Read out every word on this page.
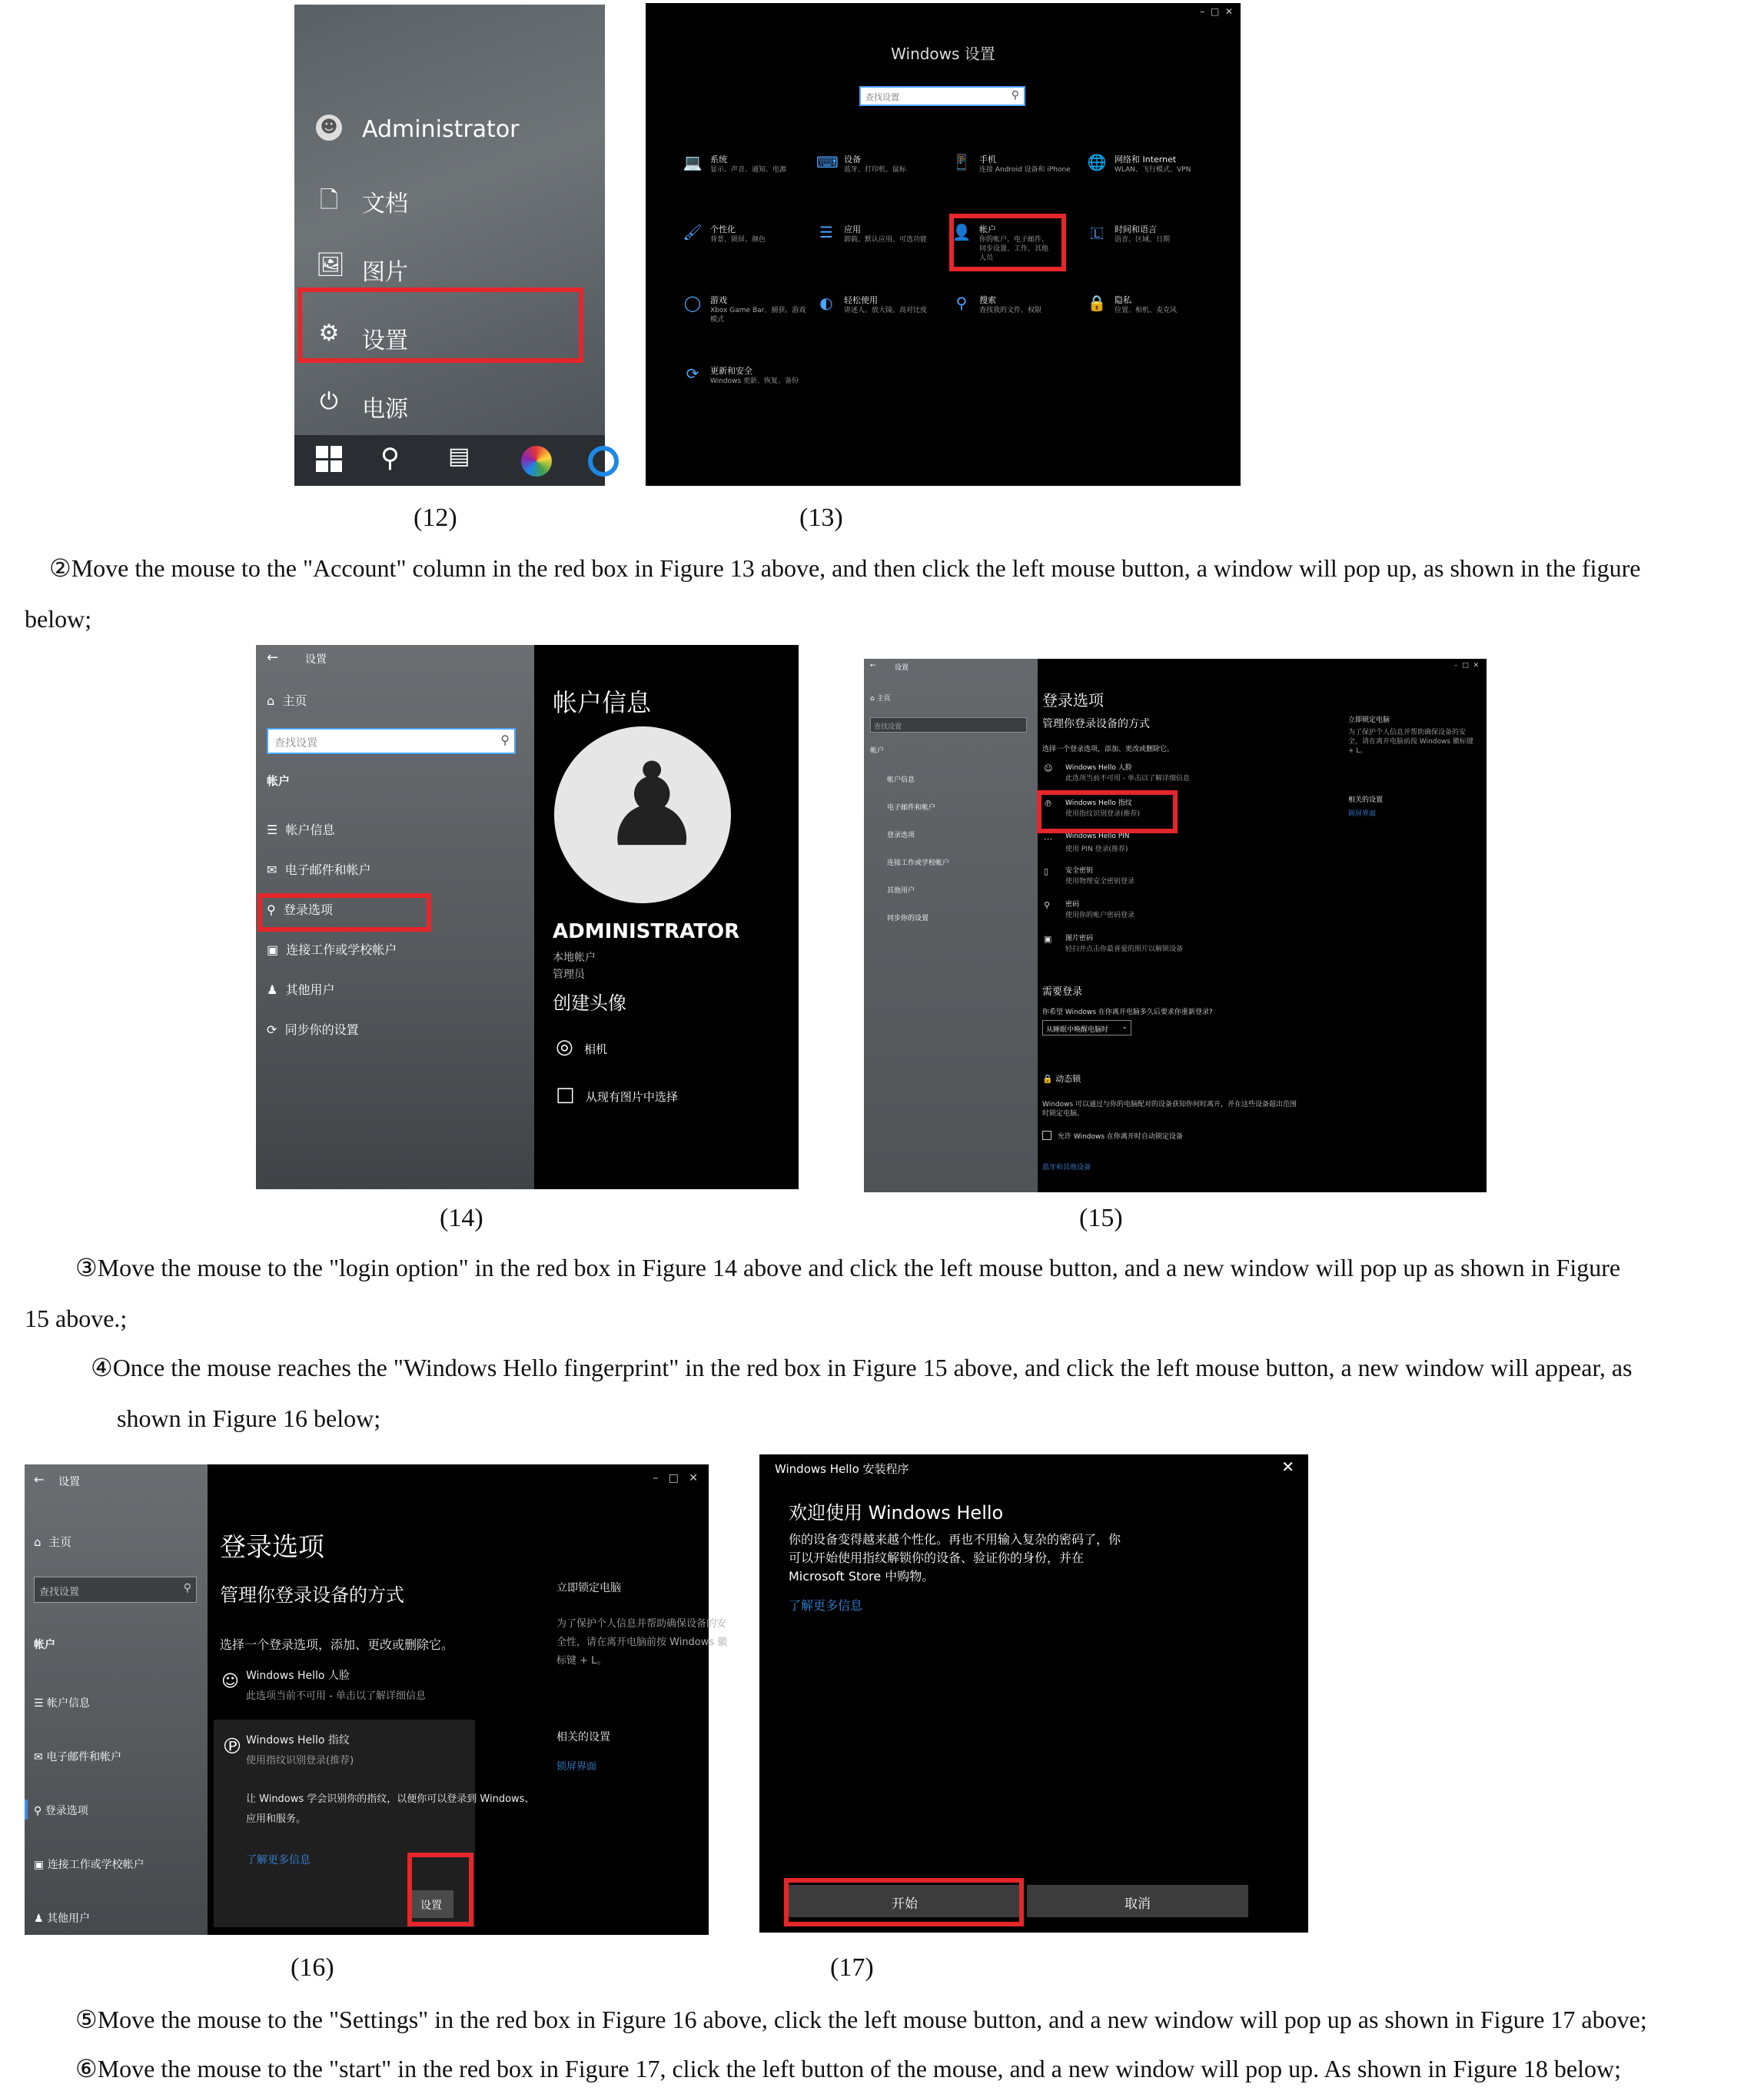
☻ Administrator
🗋 文档
🖼 图片
⚙ 设置
⏻ 电源
⚲ ▤
–  □  ✕
Windows 设置
查找设置	⚲
💻 系统
显示、声音、通知、电源	⌨ 设备
蓝牙、打印机、鼠标	📱 手机
连接 Android 设备和 iPhone	🌐 网络和 Internet
WLAN、飞行模式、VPN
🖌 个性化
背景、锁屏、颜色	☰	应用
卸载、默认应用、可选功能	👤 帐户
你的帐户、电子邮件、同步设置、工作、其他人员
🇱	时间和语言
语音、区域、日期
◯ 游戏
Xbox Game Bar、捕获、游戏模式
◐	轻松使用
讲述人、放大镜、高对比度	⚲	搜索
查找我的文件、权限	🔒 隐私
位置、相机、麦克风
⟳	更新和安全
Windows 更新、恢复、备份
(12)	(13)
②Move the mouse to the "Account" column in the red box in Figure 13 above, and then click the left mouse button, a window will pop up, as shown in the figure
below;
← 设置
⌂ 主页
查找设置	⚲
帐户
☰ 帐户信息
✉ 电子邮件和帐户
⚲ 登录选项
▣ 连接工作或学校帐户
♟ 其他用户
⟳ 同步你的设置
帐户信息
♟
ADMINISTRATOR
本地帐户
管理员
创建头像
◎ 相机
□ 从现有图片中选择
←	设置
⌂ 主页
查找设置
帐户
帐户信息
电子邮件和帐户
登录选项
连接工作或学校帐户
其他用户
同步你的设置
–  □  ✕
登录选项
管理你登录设备的方式
选择一个登录选项，添加、更改或删除它。
☺ Windows Hello 人脸
此选项当前不可用 - 单击以了解详细信息
℗ Windows Hello 指纹
使用指纹识别登录(推荐)
⋯ Windows Hello PIN
使用 PIN 登录(推荐)
▯ 安全密钥
使用物理安全密钥登录
⚲ 密码
使用你的帐户密码登录
▣ 图片密码
轻扫并点击你最喜爱的照片以解锁设备
需要登录
你希望 Windows 在你离开电脑多久后要求你重新登录?
从睡眠中唤醒电脑时 ⌄
🔒 动态锁
Windows 可以通过与你的电脑配对的设备获知你何时离开，并在这些设备超出范围时锁定电脑。
允许 Windows 在你离开时自动锁定设备
蓝牙和其他设备
立即锁定电脑
为了保护个人信息并帮助确保设备的安全，请在离开电脑前按 Windows 徽标键 + L。
相关的设置
锁屏界面
(14)	(15)
③Move the mouse to the "login option" in the red box in Figure 14 above and click the left mouse button, and a new window will pop up as shown in Figure
15 above.;
④Once the mouse reaches the "Windows Hello fingerprint" in the red box in Figure 15 above, and click the left mouse button, a new window will appear, as
shown in Figure 16 below;
← 设置
⌂  主页
查找设置	⚲
帐户
☰ 帐户信息
✉ 电子邮件和帐户
⚲ 登录选项
▣ 连接工作或学校帐户
♟ 其他用户
–   □   ✕
登录选项
管理你登录设备的方式
选择一个登录选项，添加、更改或删除它。
☺ Windows Hello 人脸
此选项当前不可用 - 单击以了解详细信息
℗ Windows Hello 指纹
使用指纹识别登录(推荐)
让 Windows 学会识别你的指纹，以便你可以登录到 Windows、
应用和服务。
了解更多信息
设置
立即锁定电脑
为了保护个人信息并帮助确保设备的安
全性，请在离开电脑前按 Windows 徽
标键 + L。
相关的设置
锁屏界面
Windows Hello 安装程序	✕
欢迎使用 Windows Hello
你的设备变得越来越个性化。再也不用输入复杂的密码了，你
可以开始使用指纹解锁你的设备、验证你的身份，并在
Microsoft Store 中购物。
了解更多信息
开始	取消
(16)	(17)
⑤Move the mouse to the "Settings" in the red box in Figure 16 above, click the left mouse button, and a new window will pop up as shown in Figure 17 above;
⑥Move the mouse to the "start" in the red box in Figure 17, click the left button of the mouse, and a new window will pop up. As shown in Figure 18 below;
